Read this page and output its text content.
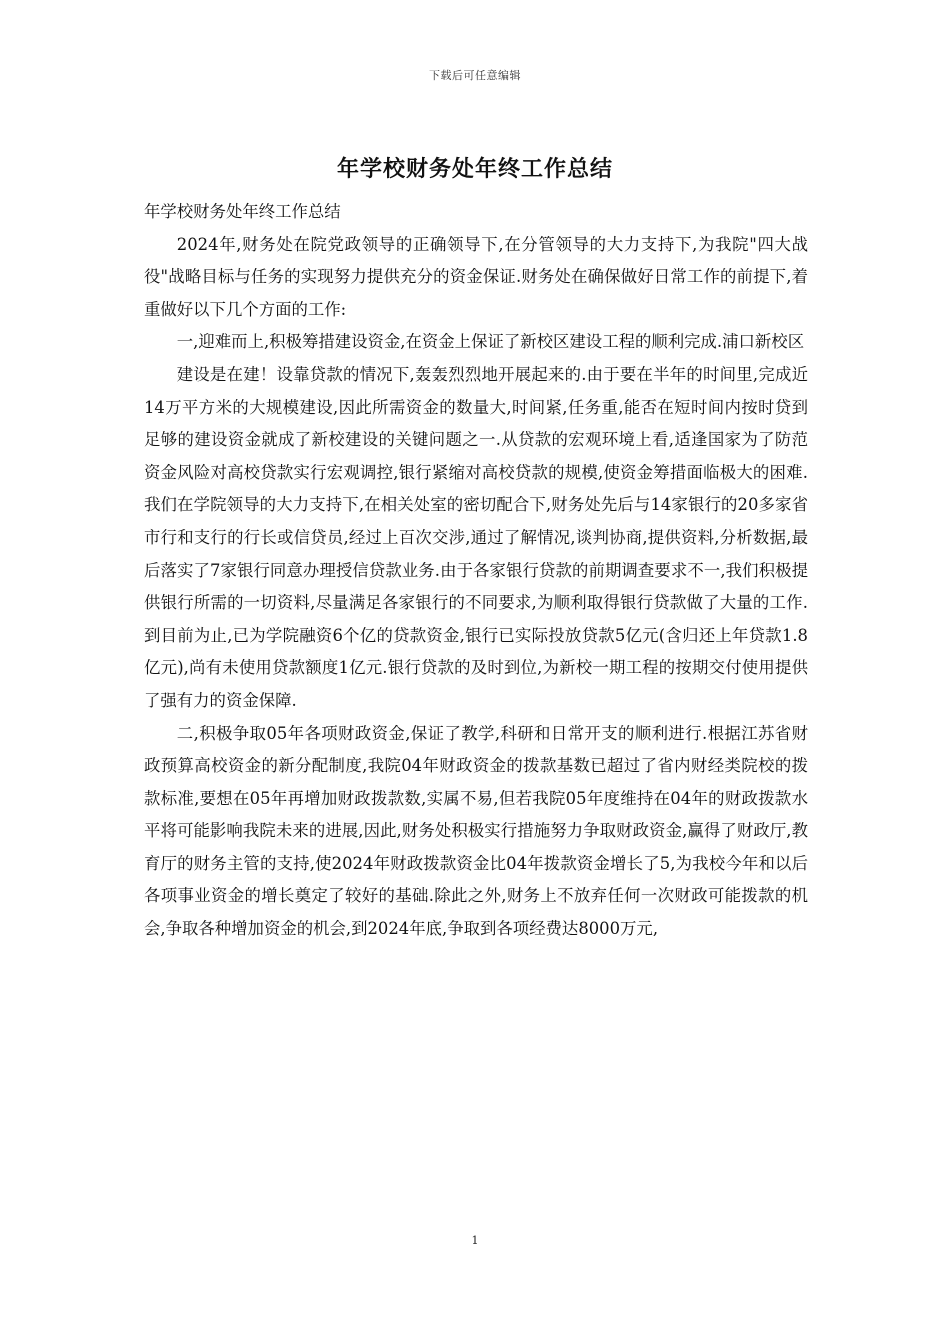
下载后可任意编辑
年学校财务处年终工作总结

年学校财务处年终工作总结

2024年,财务处在院党政领导的正确领导下,在分管领导的大力支持下,为我院"四大战役"战略目标与任务的实现努力提供充分的资金保证.财务处在确保做好日常工作的前提下,着重做好以下几个方面的工作:

一,迎难而上,积极筹措建设资金,在资金上保证了新校区建设工程的顺利完成.浦口新校区

建设是在建！设靠贷款的情况下,轰轰烈烈地开展起来的.由于要在半年的时间里,完成近14万平方米的大规模建设,因此所需资金的数量大,时间紧,任务重,能否在短时间内按时贷到足够的建设资金就成了新校建设的关键问题之一.从贷款的宏观环境上看,适逢国家为了防范资金风险对高校贷款实行宏观调控,银行紧缩对高校贷款的规模,使资金筹措面临极大的困难.我们在学院领导的大力支持下,在相关处室的密切配合下,财务处先后与14家银行的20多家省市行和支行的行长或信贷员,经过上百次交涉,通过了解情况,谈判协商,提供资料,分析数据,最后落实了7家银行同意办理授信贷款业务.由于各家银行贷款的前期调查要求不一,我们积极提供银行所需的一切资料,尽量满足各家银行的不同要求,为顺利取得银行贷款做了大量的工作.到目前为止,已为学院融资6个亿的贷款资金,银行已实际投放贷款5亿元(含归还上年贷款1.8亿元),尚有未使用贷款额度1亿元.银行贷款的及时到位,为新校一期工程的按期交付使用提供了强有力的资金保障.

二,积极争取05年各项财政资金,保证了教学,科研和日常开支的顺利进行.根据江苏省财政预算高校资金的新分配制度,我院04年财政资金的拨款基数已超过了省内财经类院校的拨款标准,要想在05年再增加财政拨款数,实属不易,但若我院05年度维持在04年的财政拨款水平将可能影响我院未来的进展,因此,财务处积极实行措施努力争取财政资金,赢得了财政厅,教育厅的财务主管的支持,使2024年财政拨款资金比04年拨款资金增长了5,为我校今年和以后各项事业资金的增长奠定了较好的基础.除此之外,财务上不放弃任何一次财政可能拨款的机会,争取各种增加资金的机会,到2024年底,争取到各项经费达8000万元,

1
